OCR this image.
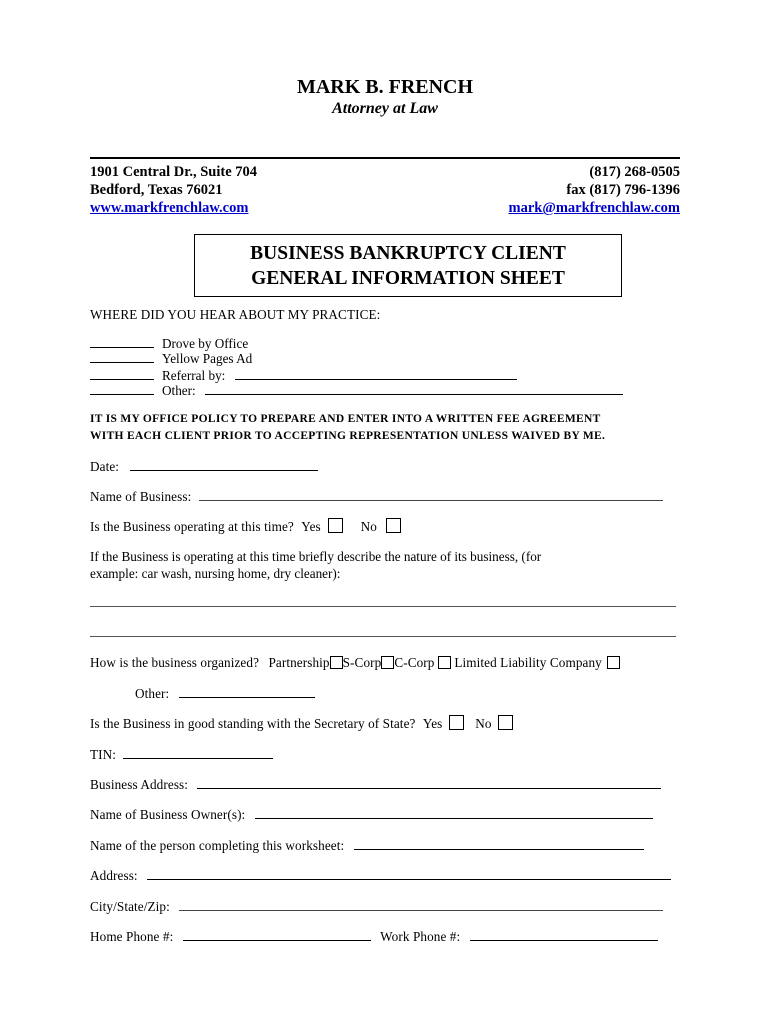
MARK B. FRENCH
Attorney at Law
1901 Central Dr., Suite 704
Bedford, Texas 76021
www.markfrenchlaw.com
(817) 268-0505
fax (817) 796-1396
mark@markfrenchlaw.com
BUSINESS BANKRUPTCY CLIENT
GENERAL INFORMATION SHEET
WHERE DID YOU HEAR ABOUT MY PRACTICE:
Drove by Office
Yellow Pages Ad
Referral by:
Other:
IT IS MY OFFICE POLICY TO PREPARE AND ENTER INTO A WRITTEN FEE AGREEMENT
WITH EACH CLIENT PRIOR TO ACCEPTING REPRESENTATION UNLESS WAIVED BY ME.
Date:
Name of Business:
Is the Business operating at this time? Yes	No
If the Business is operating at this time briefly describe the nature of its business, (for
example: car wash, nursing home, dry cleaner):
How is the business organized? Partnership S-Corp C-Corp Limited Liability Company
Other:
Is the Business in good standing with the Secretary of State? Yes No
TIN:
Business Address:
Name of Business Owner(s):
Name of the person completing this worksheet:
Address:
City/State/Zip:
Home Phone #:	Work Phone #:
